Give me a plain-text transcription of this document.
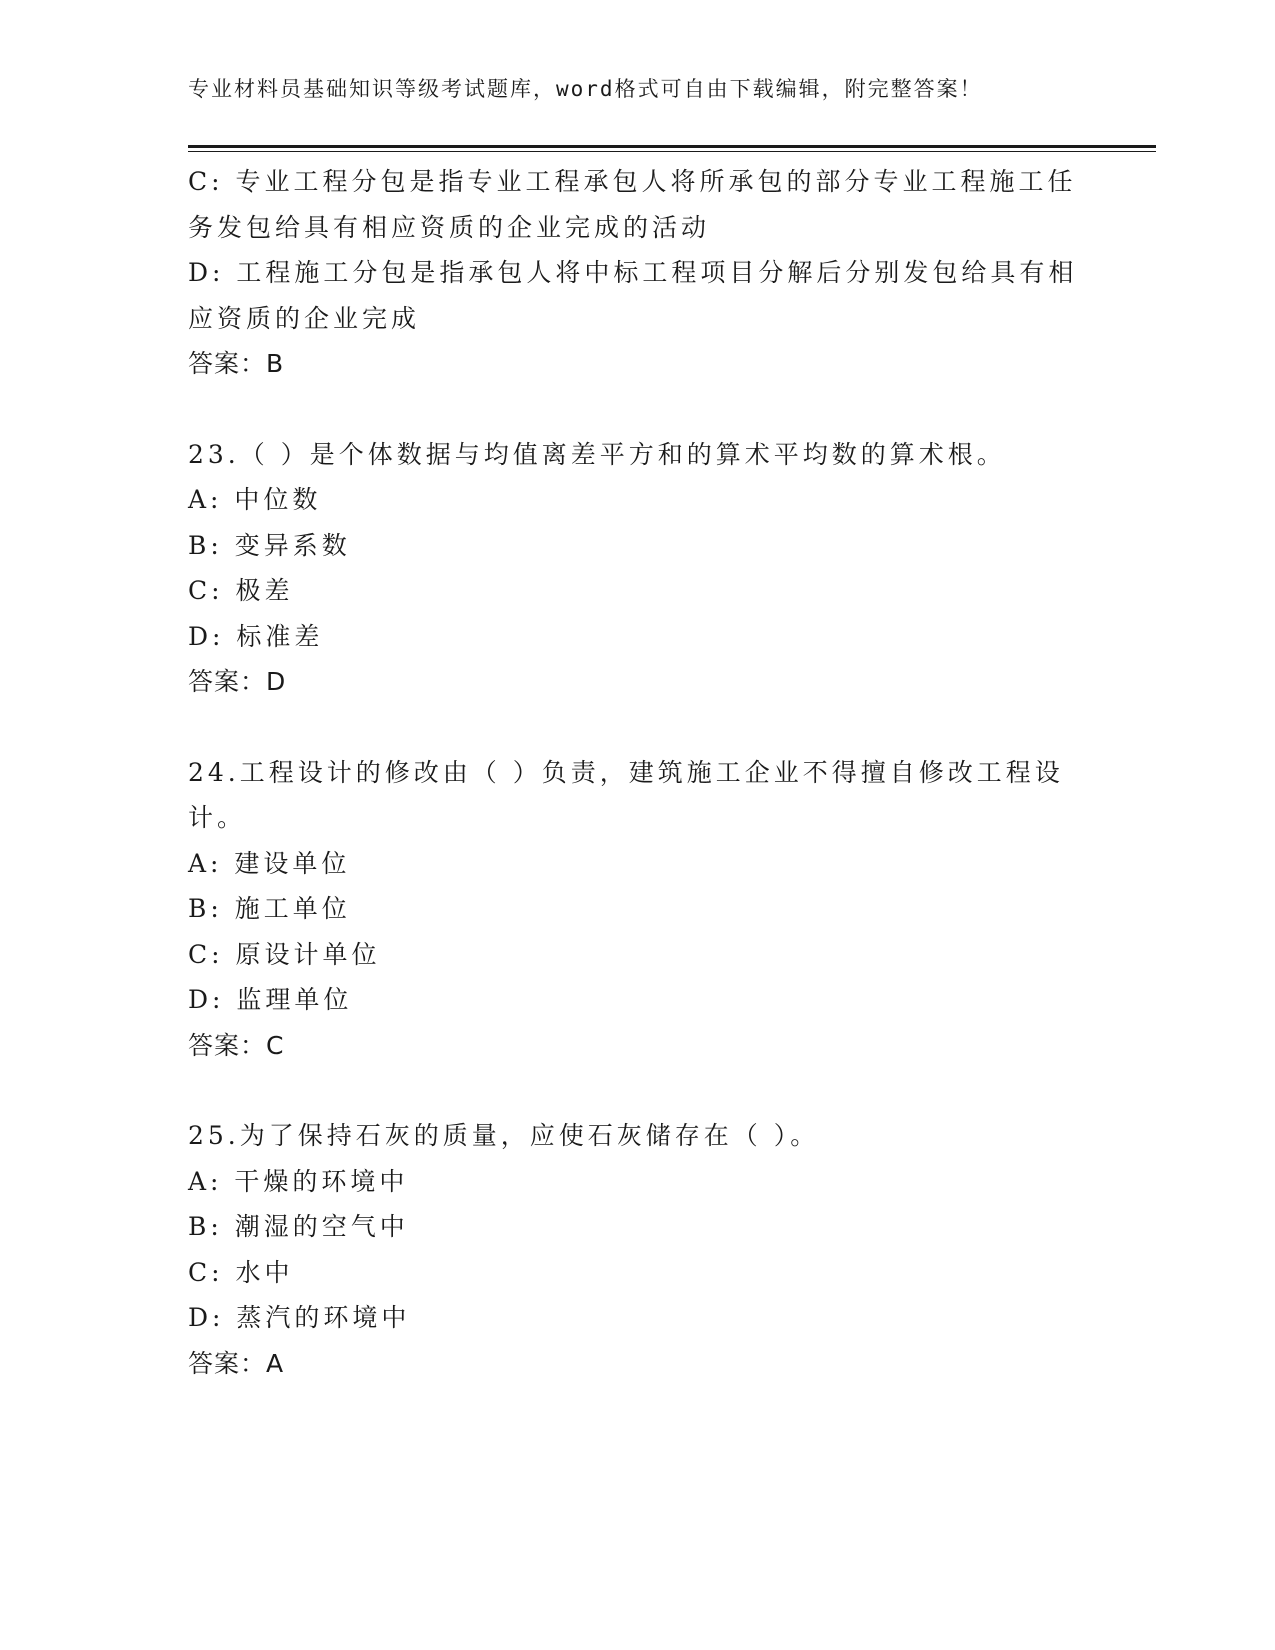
专业材料员基础知识等级考试题库，word格式可自由下载编辑，附完整答案！
C: 专业工程分包是指专业工程承包人将所承包的部分专业工程施工任
务发包给具有相应资质的企业完成的活动
D: 工程施工分包是指承包人将中标工程项目分解后分别发包给具有相
应资质的企业完成
答案：B
23.（ ）是个体数据与均值离差平方和的算术平均数的算术根。
A: 中位数
B: 变异系数
C: 极差
D: 标准差
答案：D
24.工程设计的修改由（ ）负责，建筑施工企业不得擅自修改工程设
计。
A: 建设单位
B: 施工单位
C: 原设计单位
D: 监理单位
答案：C
25.为了保持石灰的质量，应使石灰储存在（ ）。
A: 干燥的环境中
B: 潮湿的空气中
C: 水中
D: 蒸汽的环境中
答案：A
